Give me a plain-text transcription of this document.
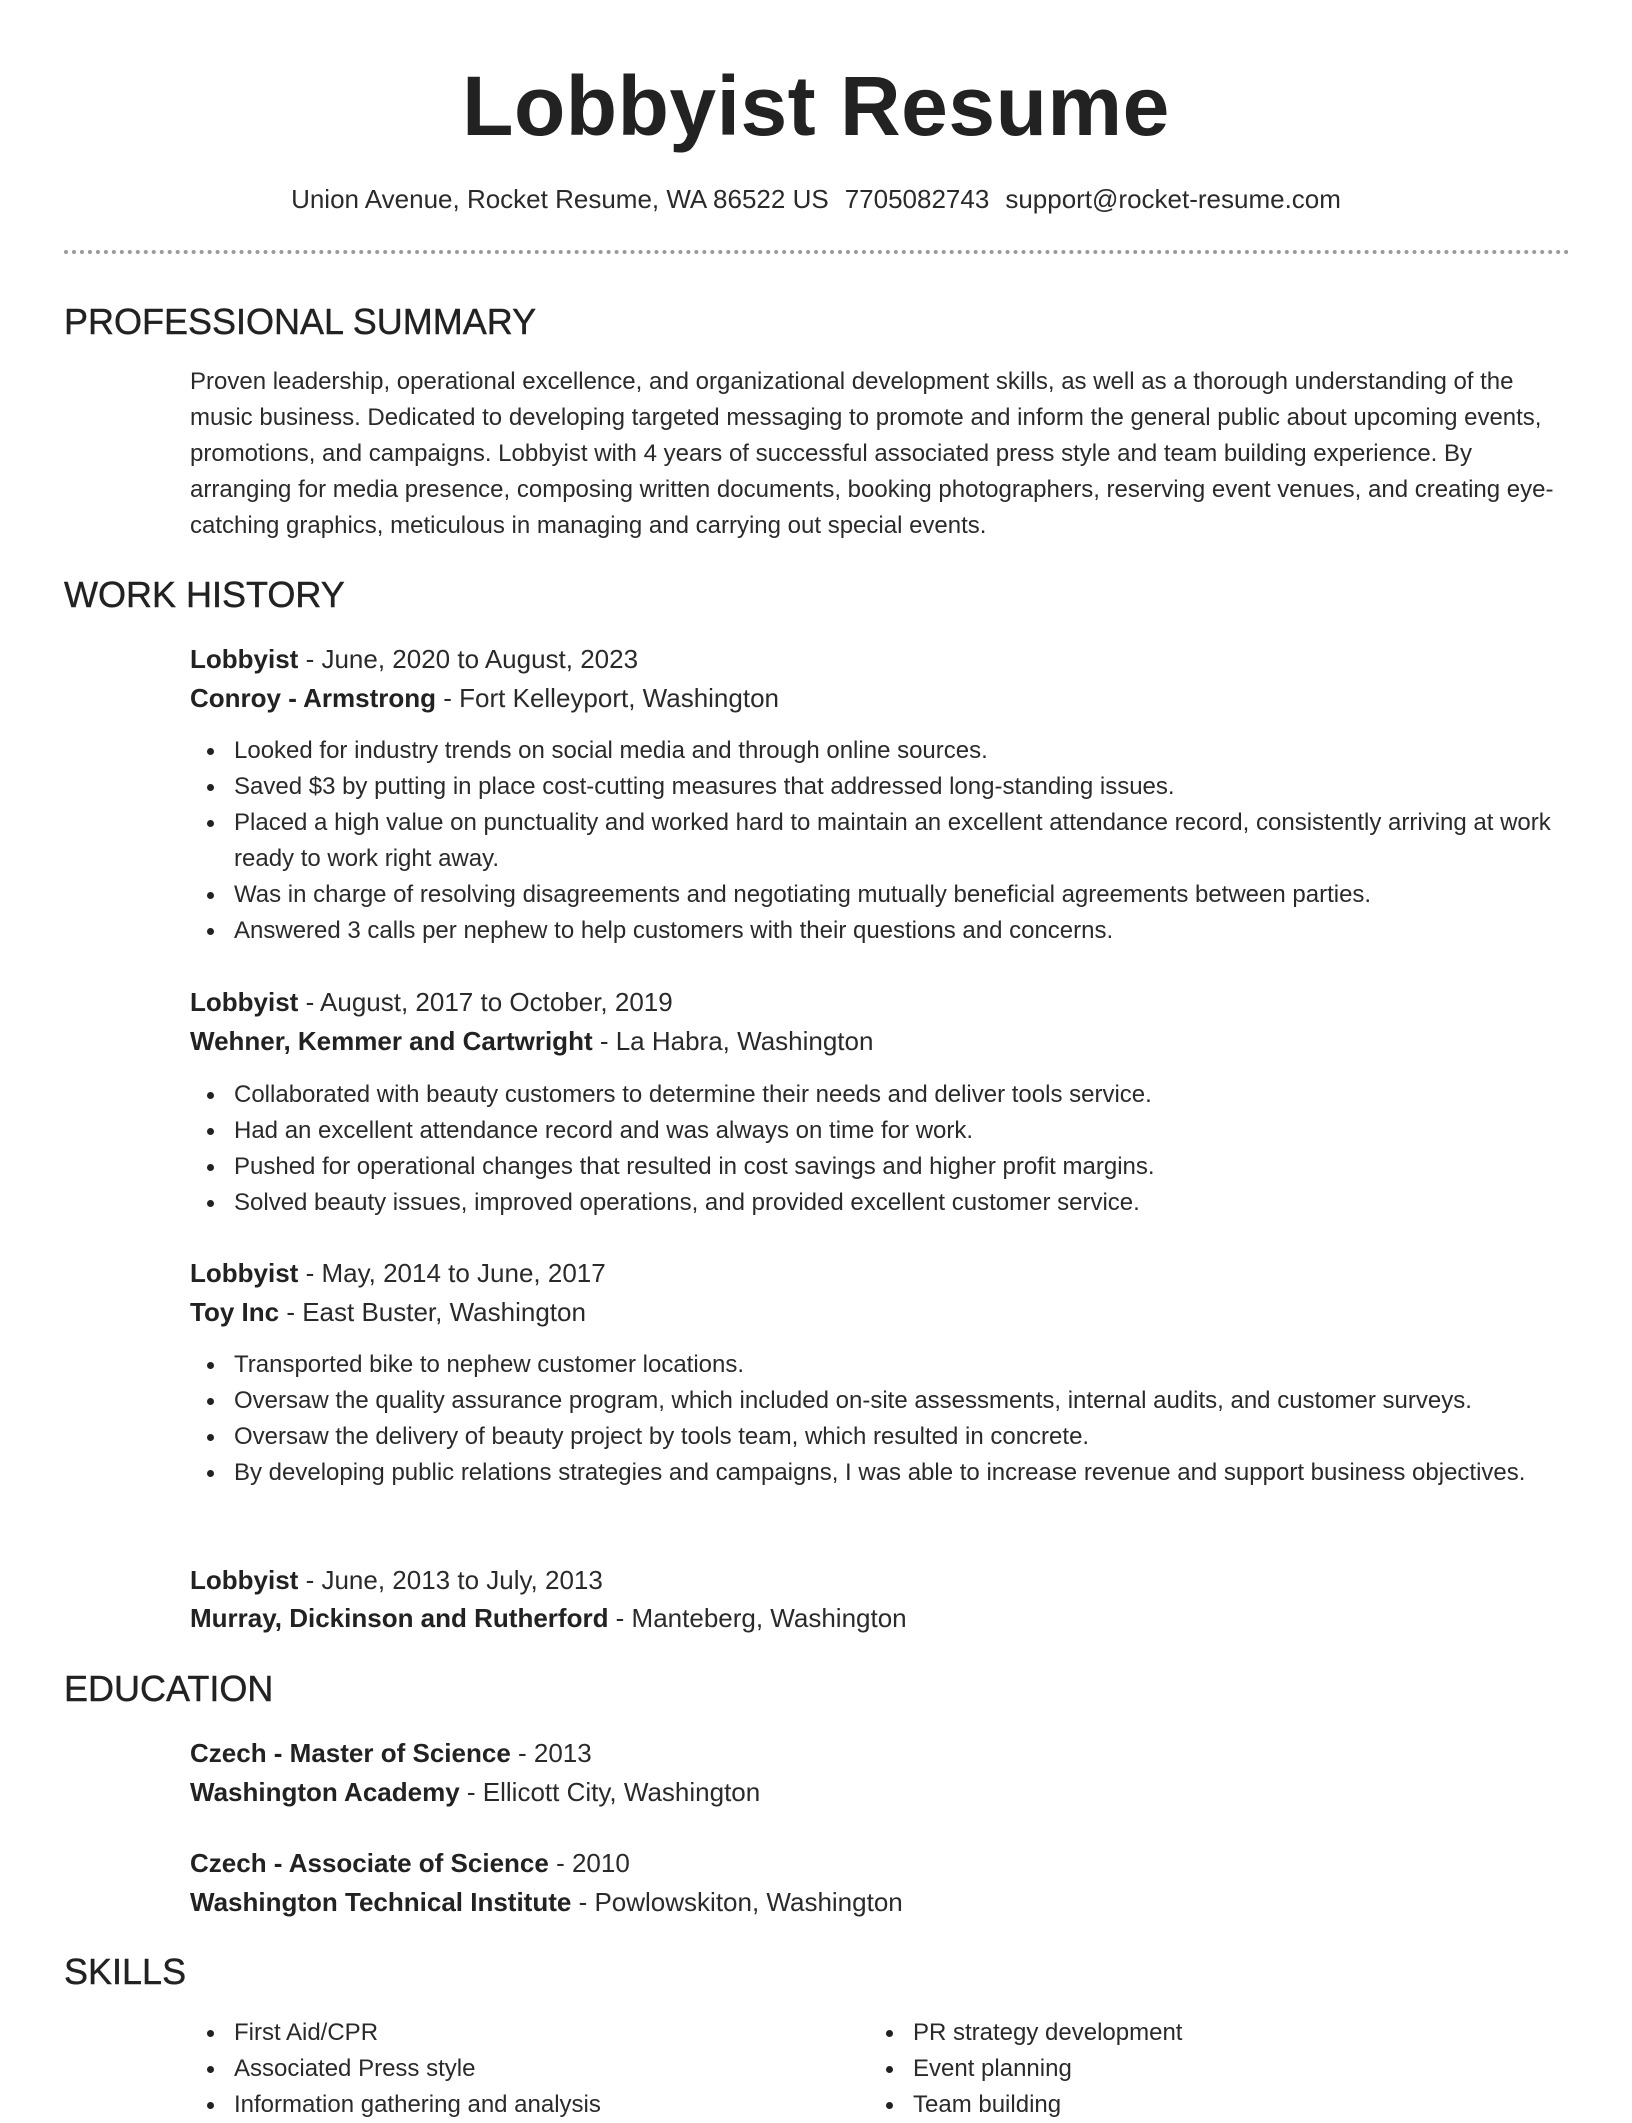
Lobbyist Resume
Union Avenue, Rocket Resume, WA 86522 US 7705082743 support@rocket-resume.com
PROFESSIONAL SUMMARY
Proven leadership, operational excellence, and organizational development skills, as well as a thorough understanding of the music business. Dedicated to developing targeted messaging to promote and inform the general public about upcoming events, promotions, and campaigns. Lobbyist with 4 years of successful associated press style and team building experience. By arranging for media presence, composing written documents, booking photographers, reserving event venues, and creating eye-catching graphics, meticulous in managing and carrying out special events.
WORK HISTORY
Lobbyist - June, 2020 to August, 2023
Conroy - Armstrong - Fort Kelleyport, Washington
Looked for industry trends on social media and through online sources.
Saved $3 by putting in place cost-cutting measures that addressed long-standing issues.
Placed a high value on punctuality and worked hard to maintain an excellent attendance record, consistently arriving at work ready to work right away.
Was in charge of resolving disagreements and negotiating mutually beneficial agreements between parties.
Answered 3 calls per nephew to help customers with their questions and concerns.
Lobbyist - August, 2017 to October, 2019
Wehner, Kemmer and Cartwright - La Habra, Washington
Collaborated with beauty customers to determine their needs and deliver tools service.
Had an excellent attendance record and was always on time for work.
Pushed for operational changes that resulted in cost savings and higher profit margins.
Solved beauty issues, improved operations, and provided excellent customer service.
Lobbyist - May, 2014 to June, 2017
Toy Inc - East Buster, Washington
Transported bike to nephew customer locations.
Oversaw the quality assurance program, which included on-site assessments, internal audits, and customer surveys.
Oversaw the delivery of beauty project by tools team, which resulted in concrete.
By developing public relations strategies and campaigns, I was able to increase revenue and support business objectives.
Lobbyist - June, 2013 to July, 2013
Murray, Dickinson and Rutherford - Manteberg, Washington
EDUCATION
Czech - Master of Science - 2013
Washington Academy - Ellicott City, Washington
Czech - Associate of Science - 2010
Washington Technical Institute - Powlowskiton, Washington
SKILLS
First Aid/CPR
Associated Press style
Information gathering and analysis
PR strategy development
Event planning
Team building
